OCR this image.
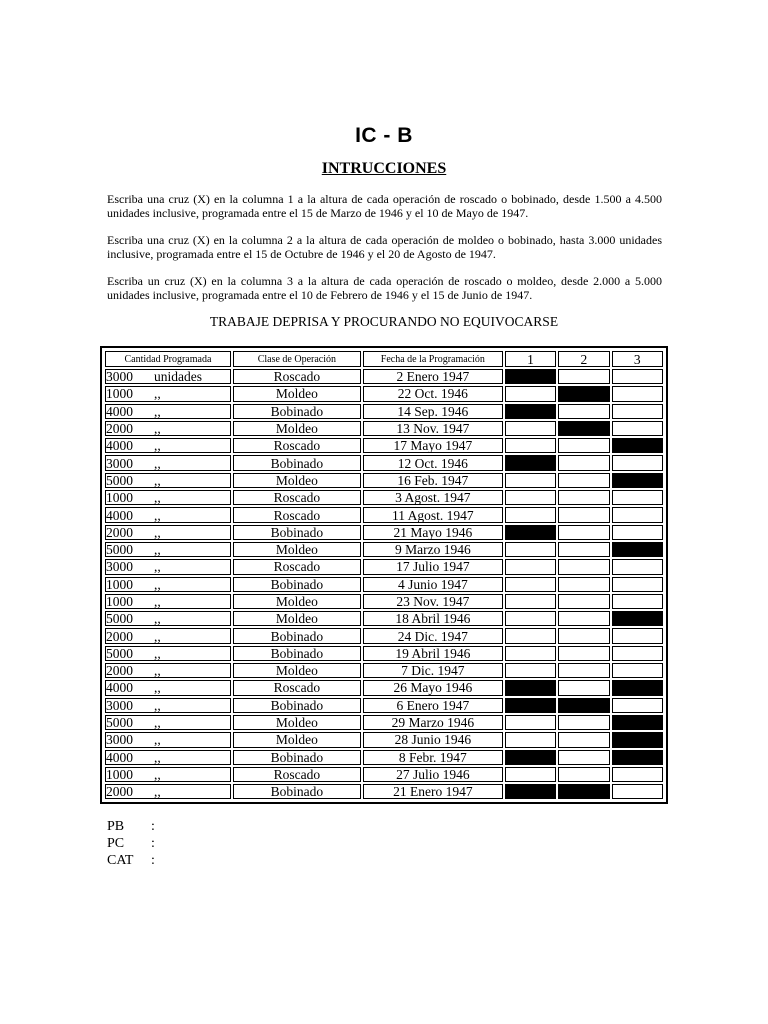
IC - B
INTRUCCIONES

Escriba una cruz (X) en la columna 1 a la altura de cada operación de roscado o bobinado, desde 1.500 a 4.500 unidades inclusive, programada entre el 15 de Marzo de 1946 y el 10 de Mayo de 1947.

Escriba una cruz (X) en la columna 2 a la altura de cada operación de moldeo o bobinado, hasta 3.000 unidades inclusive, programada entre el 15 de Octubre de 1946 y el 20 de Agosto de 1947.

Escriba un cruz (X) en la columna 3 a la altura de cada operación de roscado o moldeo, desde 2.000 a 5.000 unidades inclusive, programada entre el 10 de Febrero de 1946 y el 15 de Junio de 1947.

TRABAJE DEPRISA Y PROCURANDO NO EQUIVOCARSE
Cantidad Programada	Clase de Operación	Fecha de la Programación	1	2	3
3000 unidades	Roscado	2 Enero 1947			
1000 ,,	Moldeo	22 Oct. 1946			
4000 ,,	Bobinado	14 Sep. 1946			
2000 ,,	Moldeo	13 Nov. 1947			
4000 ,,	Roscado	17 Mayo 1947			
3000 ,,	Bobinado	12 Oct. 1946			
5000 ,,	Moldeo	16 Feb. 1947			
1000 ,,	Roscado	3 Agost. 1947			
4000 ,,	Roscado	11 Agost. 1947			
2000 ,,	Bobinado	21 Mayo 1946			
5000 ,,	Moldeo	9 Marzo 1946			
3000 ,,	Roscado	17 Julio 1947			
1000 ,,	Bobinado	4 Junio 1947			
1000 ,,	Moldeo	23 Nov. 1947			
5000 ,,	Moldeo	18 Abril 1946			
2000 ,,	Bobinado	24 Dic. 1947			
5000 ,,	Bobinado	19 Abril 1946			
2000 ,,	Moldeo	7 Dic. 1947			
4000 ,,	Roscado	26 Mayo 1946			
3000 ,,	Bobinado	6 Enero 1947			
5000 ,,	Moldeo	29 Marzo 1946			
3000 ,,	Moldeo	28 Junio 1946			
4000 ,,	Bobinado	8 Febr. 1947			
1000 ,,	Roscado	27 Julio 1946			
2000 ,,	Bobinado	21 Enero 1947			
PB :
PC :
CAT :
